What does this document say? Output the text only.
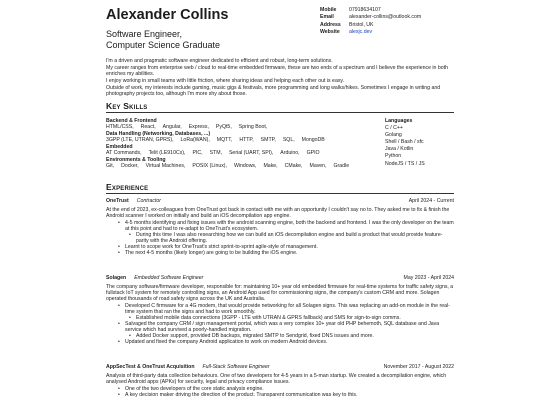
Alexander Collins
Software Engineer,
Computer Science Graduate
Mobile	07918634107
Email	alexander-collins@outlook.com
Address	Bristol, UK
Website	alexjc.dev

I'm a driven and pragmatic software engineer dedicated to efficient and robust, long-term solutions.

My career ranges from enterprise web / cloud to real-time embedded firmware, these are two ends of a spectrum and I believe the experience in both enriches my abilities.

I enjoy working in small teams with little friction, where sharing ideas and helping each other out is easy.

Outside of work, my interests include gaming, music gigs & festivals, more programming and long walks/hikes. Sometimes I engage in writing and photography projects too, although I'm more shy about those.

Key Skills
Backend & Frontend
HTML/CSS, React, Angular, Express, PyQt5, Spring Boot,
Data Handling (Networking, Databases, ...)
3GPP (LTE, UTRAN, GPRS), LoRa(WAN), MQTT, HTTP, SMTP, SQL, MongoDB
Embedded
AT Commands, Telit (LE910Cx), PIC, STM, Serial (UART, SPI), Arduino, GPIO
Environments & Tooling
Git, Docker, Virtual Machines, POSIX (Linux), Windows, Make, CMake, Maven, Gradle
Languages
C / C++
Golang
Shell / Bash / sfc
Java / Kotlin
Python
NodeJS / TS / JS
Experience
OneTrust Contractor	April 2024 - Current
At the end of 2023, ex-colleagues from OneTrust got back in contact with me with an opportunity I couldn't say no to. They asked me to fix & finish the Android scanner I worked on initially and build an iOS decompilation app engine.
• 4-5 months identifying and fixing issues with the android scanning engine, both the backend and frontend. I was the only developer on the team at this point and had to re-adapt to OneTrust's ecosystem.
• During this time I was also researching how we can build an iOS decompilation engine and build a product that would provide feature-parity with the Android offering.
• Learnt to scope work for OneTrust's strict sprint-to-sprint agile-style of management.
• The next 4-5 months (likely longer) are going to be building the iOS engine.
Solagen Embedded Software Engineer	May 2023 - April 2024
The company software/firmware developer, responsible for: maintaining 10+ year old embedded firmware for real-time systems for traffic safety signs, a fullstack IoT system for remotely controlling signs, an Android App used for commissioning signs, the company's custom CRM and more. Solagen operated thousands of road safety signs across the UK and Australia.
• Developed C firmware for a 4G modem, that would provide networking for all Solagen signs. This was replacing an add-on module in the real-time system that ran the signs and had to work smoothly.
• Established mobile data connections (3GPP - LTE with UTRAN & GPRS fallback) and SMS for sign-to-sign comms.
• Salvaged the company CRM / sign management portal, which was a very complex 10+ year old PHP behemoth, SQL database and Java service which had survived a poorly-handled migration.
• Added Docker support, provided DB backups, migrated SMTP to Sendgrid, fixed DNS issues and more.
• Updated and fixed the company Android application to work on modern Android devices.
AppSecTest & OneTrust Acquisition Full-Stack Software Engineer	November 2017 - August 2022
Analysis of third-party data collection behaviours. One of two developers for 4-5 years in a 5-man startup. We created a decompilation engine, which analysed Android apps (APKs) for security, legal and privacy compliance issues.
• One of the two developers of the core static analysis engine.
• A key decision maker driving the direction of the product. Transparent communication was key to this.
